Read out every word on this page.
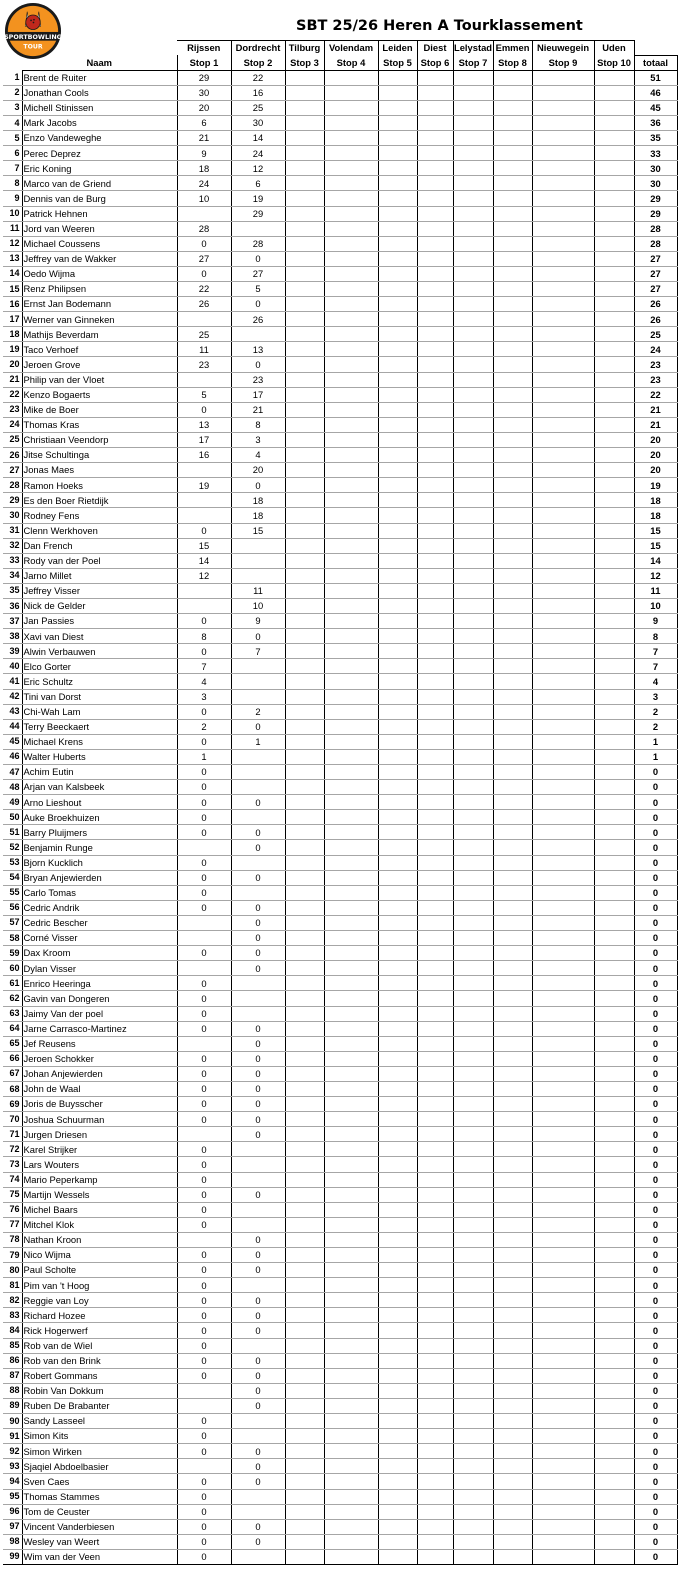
SPORTBOWLING
TOUR
SBT 25/26 Heren A Tourklassement
		Rijssen	Dordrecht	Tilburg	Volendam	Leiden	Diest	Lelystad	Emmen	Nieuwegein	Uden	
	Naam	Stop 1	Stop 2	Stop 3	Stop 4	Stop 5	Stop 6	Stop 7	Stop 8	Stop 9	Stop 10	totaal
1	Brent de Ruiter	29	22									51
2	Jonathan Cools	30	16									46
3	Michell Stinissen	20	25									45
4	Mark Jacobs	6	30									36
5	Enzo Vandeweghe	21	14									35
6	Perec Deprez	9	24									33
7	Eric Koning	18	12									30
8	Marco van de Griend	24	6									30
9	Dennis van de Burg	10	19									29
10	Patrick Hehnen		29									29
11	Jord van Weeren	28										28
12	Michael Coussens	0	28									28
13	Jeffrey van de Wakker	27	0									27
14	Oedo Wijma	0	27									27
15	Renz Philipsen	22	5									27
16	Ernst Jan Bodemann	26	0									26
17	Werner van Ginneken		26									26
18	Mathijs Beverdam	25										25
19	Taco Verhoef	11	13									24
20	Jeroen Grove	23	0									23
21	Philip van der Vloet		23									23
22	Kenzo Bogaerts	5	17									22
23	Mike de Boer	0	21									21
24	Thomas Kras	13	8									21
25	Christiaan Veendorp	17	3									20
26	Jitse Schultinga	16	4									20
27	Jonas Maes		20									20
28	Ramon Hoeks	19	0									19
29	Es den Boer Rietdijk		18									18
30	Rodney Fens		18									18
31	Clenn Werkhoven	0	15									15
32	Dan French	15										15
33	Rody van der Poel	14										14
34	Jarno Millet	12										12
35	Jeffrey Visser		11									11
36	Nick de Gelder		10									10
37	Jan Passies	0	9									9
38	Xavi van Diest	8	0									8
39	Alwin Verbauwen	0	7									7
40	Elco Gorter	7										7
41	Eric Schultz	4										4
42	Tini van Dorst	3										3
43	Chi-Wah Lam	0	2									2
44	Terry Beeckaert	2	0									2
45	Michael Krens	0	1									1
46	Walter Huberts	1										1
47	Achim Eutin	0										0
48	Arjan van Kalsbeek	0										0
49	Arno Lieshout	0	0									0
50	Auke Broekhuizen	0										0
51	Barry Pluijmers	0	0									0
52	Benjamin Runge		0									0
53	Bjorn Kucklich	0										0
54	Bryan Anjewierden	0	0									0
55	Carlo Tomas	0										0
56	Cedric Andrik	0	0									0
57	Cedric Bescher		0									0
58	Corné Visser		0									0
59	Dax Kroom	0	0									0
60	Dylan Visser		0									0
61	Enrico Heeringa	0										0
62	Gavin van Dongeren	0										0
63	Jaimy Van der poel	0										0
64	Jarne Carrasco-Martinez	0	0									0
65	Jef Reusens		0									0
66	Jeroen Schokker	0	0									0
67	Johan Anjewierden	0	0									0
68	John de Waal	0	0									0
69	Joris de Buysscher	0	0									0
70	Joshua Schuurman	0	0									0
71	Jurgen Driesen		0									0
72	Karel Strijker	0										0
73	Lars Wouters	0										0
74	Mario Peperkamp	0										0
75	Martijn Wessels	0	0									0
76	Michel Baars	0										0
77	Mitchel Klok	0										0
78	Nathan Kroon		0									0
79	Nico Wijma	0	0									0
80	Paul Scholte	0	0									0
81	Pim van 't Hoog	0										0
82	Reggie van Loy	0	0									0
83	Richard Hozee	0	0									0
84	Rick Hogerwerf	0	0									0
85	Rob van de Wiel	0										0
86	Rob van den Brink	0	0									0
87	Robert Gommans	0	0									0
88	Robin Van Dokkum		0									0
89	Ruben De Brabanter		0									0
90	Sandy Lasseel	0										0
91	Simon Kits	0										0
92	Simon Wirken	0	0									0
93	Sjaqiel Abdoelbasier		0									0
94	Sven Caes	0	0									0
95	Thomas Stammes	0										0
96	Tom de Ceuster	0										0
97	Vincent Vanderbiesen	0	0									0
98	Wesley van Weert	0	0									0
99	Wim van der Veen	0										0
